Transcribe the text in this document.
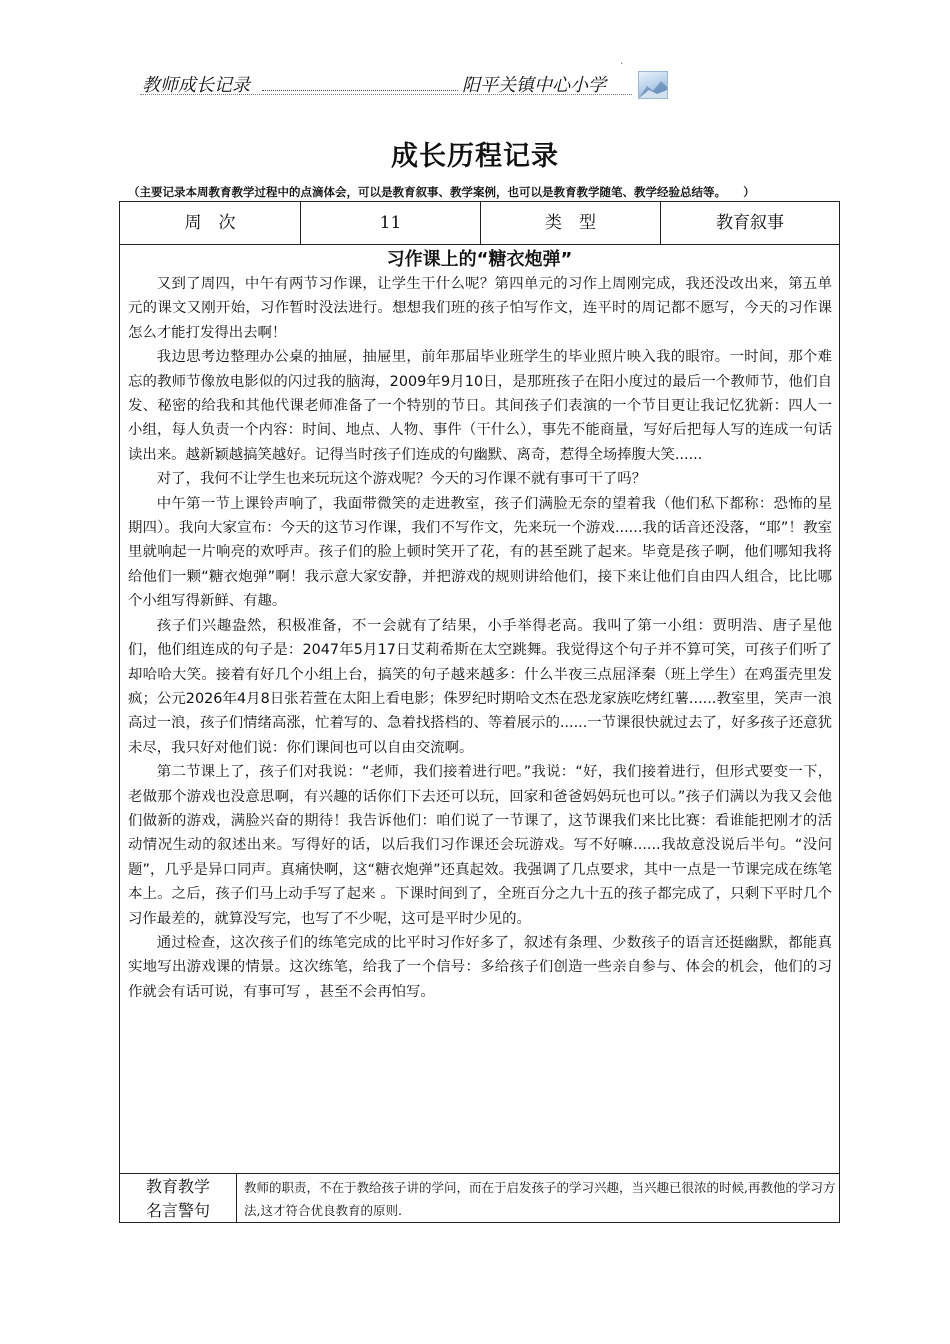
.
教师成长记录	阳平关镇中心小学
成长历程记录
（主要记录本周教育教学过程中的点滴体会，可以是教育叙事、教学案例，也可以是教育教学随笔、教学经验总结等。　　）
周　次	11	类　型	教育叙事
习作课上的“糖衣炮弹”

又到了周四，中午有两节习作课，让学生干什么呢？第四单元的习作上周刚完成，我还没改出来，第五单元的课文又刚开始，习作暂时没法进行。想想我们班的孩子怕写作文，连平时的周记都不愿写，今天的习作课怎么才能打发得出去啊！

我边思考边整理办公桌的抽屉，抽屉里，前年那届毕业班学生的毕业照片映入我的眼帘。一时间，那个难忘的教师节像放电影似的闪过我的脑海，2009年9月10日，是那班孩子在阳小度过的最后一个教师节，他们自发、秘密的给我和其他代课老师准备了一个特别的节日。其间孩子们表演的一个节目更让我记忆犹新：四人一小组，每人负责一个内容：时间、地点、人物、事件（干什么），事先不能商量，写好后把每人写的连成一句话读出来。越新颖越搞笑越好。记得当时孩子们连成的句幽默、离奇，惹得全场捧腹大笑......

对了，我何不让学生也来玩玩这个游戏呢？今天的习作课不就有事可干了吗？

中午第一节上课铃声响了，我面带微笑的走进教室，孩子们满脸无奈的望着我（他们私下都称：恐怖的星期四）。我向大家宣布：今天的这节习作课，我们不写作文，先来玩一个游戏......我的话音还没落，“耶”！教室里就响起一片响亮的欢呼声。孩子们的脸上顿时笑开了花，有的甚至跳了起来。毕竟是孩子啊，他们哪知我将给他们一颗“糖衣炮弹”啊！我示意大家安静，并把游戏的规则讲给他们，接下来让他们自由四人组合，比比哪个小组写得新鲜、有趣。

孩子们兴趣盎然，积极准备，不一会就有了结果，小手举得老高。我叫了第一小组：贾明浩、唐子星他们，他们组连成的句子是：2047年5月17日艾莉希斯在太空跳舞。我觉得这个句子并不算可笑，可孩子们听了却哈哈大笑。接着有好几个小组上台，搞笑的句子越来越多：什么半夜三点屈泽秦（班上学生）在鸡蛋壳里发疯；公元2026年4月8日张若萱在太阳上看电影；侏罗纪时期哈文杰在恐龙家族吃烤红薯......教室里，笑声一浪高过一浪，孩子们情绪高涨，忙着写的、急着找搭档的、等着展示的......一节课很快就过去了，好多孩子还意犹未尽，我只好对他们说：你们课间也可以自由交流啊。

第二节课上了，孩子们对我说：“老师，我们接着进行吧。”我说：“好，我们接着进行，但形式要变一下，老做那个游戏也没意思啊，有兴趣的话你们下去还可以玩，回家和爸爸妈妈玩也可以。”孩子们满以为我又会他们做新的游戏，满脸兴奋的期待！我告诉他们：咱们说了一节课了，这节课我们来比比赛：看谁能把刚才的活动情况生动的叙述出来。写得好的话，以后我们习作课还会玩游戏。写不好嘛......我故意没说后半句。“没问题”，几乎是异口同声。真痛快啊，这“糖衣炮弹”还真起效。我强调了几点要求，其中一点是一节课完成在练笔本上。之后，孩子们马上动手写了起来 。下课时间到了，全班百分之九十五的孩子都完成了，只剩下平时几个习作最差的，就算没写完，也写了不少呢，这可是平时少见的。

通过检查，这次孩子们的练笔完成的比平时习作好多了，叙述有条理、少数孩子的语言还挺幽默，都能真实地写出游戏课的情景。这次练笔，给我了一个信号：多给孩子们创造一些亲自参与、体会的机会，他们的习作就会有话可说，有事可写 ，甚至不会再怕写。

教育教学
名言警句
教师的职责，不在于教给孩子讲的学问，而在于启发孩子的学习兴趣，当兴趣已很浓的时候,再教他的学习方法,这才符合优良教育的原则.
